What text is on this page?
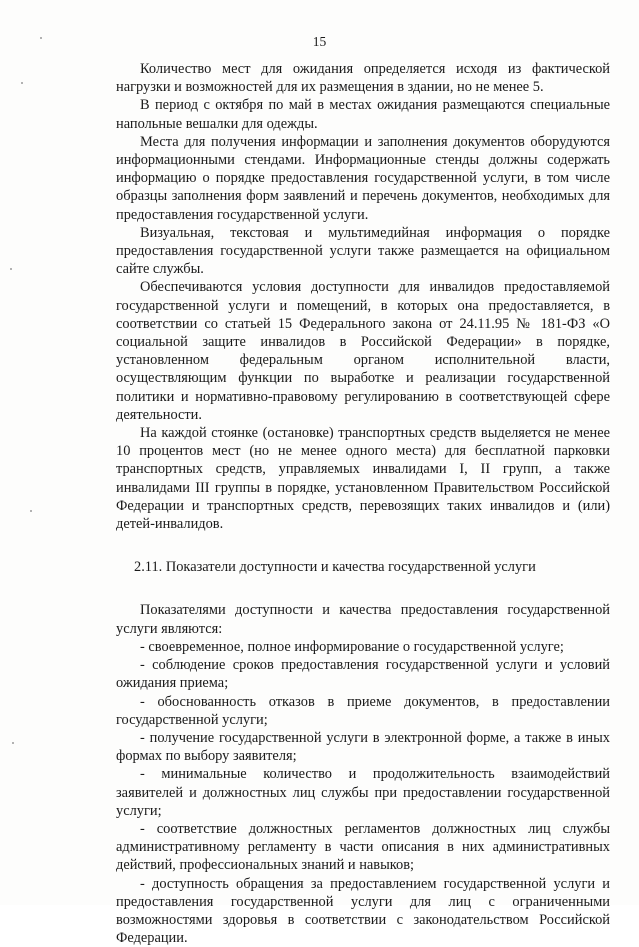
15

Количество мест для ожидания определяется исходя из фактической нагрузки и возможностей для их размещения в здании, но не менее 5.

В период с октября по май в местах ожидания размещаются специальные напольные вешалки для одежды.

Места для получения информации и заполнения документов оборудуются информационными стендами. Информационные стенды должны содержать информацию о порядке предоставления государственной услуги, в том числе образцы заполнения форм заявлений и перечень документов, необходимых для предоставления государственной услуги.

Визуальная, текстовая и мультимедийная информация о порядке предоставления государственной услуги также размещается на официальном сайте службы.

Обеспечиваются условия доступности для инвалидов предоставляемой государственной услуги и помещений, в которых она предоставляется, в соответствии со статьей 15 Федерального закона от 24.11.95 № 181-ФЗ «О социальной защите инвалидов в Российской Федерации» в порядке, установленном федеральным органом исполнительной власти, осуществляющим функции по выработке и реализации государственной политики и нормативно-правовому регулированию в соответствующей сфере деятельности.

На каждой стоянке (остановке) транспортных средств выделяется не менее 10 процентов мест (но не менее одного места) для бесплатной парковки транспортных средств, управляемых инвалидами I, II групп, а также инвалидами III группы в порядке, установленном Правительством Российской Федерации и транспортных средств, перевозящих таких инвалидов и (или) детей-инвалидов.

2.11. Показатели доступности и качества государственной услуги

Показателями доступности и качества предоставления государственной услуги являются:

- своевременное, полное информирование о государственной услуге;
- соблюдение сроков предоставления государственной услуги и условий ожидания приема;
- обоснованность отказов в приеме документов, в предоставлении государственной услуги;
- получение государственной услуги в электронной форме, а также в иных формах по выбору заявителя;
- минимальные количество и продолжительность взаимодействий заявителей и должностных лиц службы при предоставлении государственной услуги;
- соответствие должностных регламентов должностных лиц службы административному регламенту в части описания в них административных действий, профессиональных знаний и навыков;
- доступность обращения за предоставлением государственной услуги и предоставления государственной услуги для лиц с ограниченными возможностями здоровья в соответствии с законодательством Российской Федерации.
